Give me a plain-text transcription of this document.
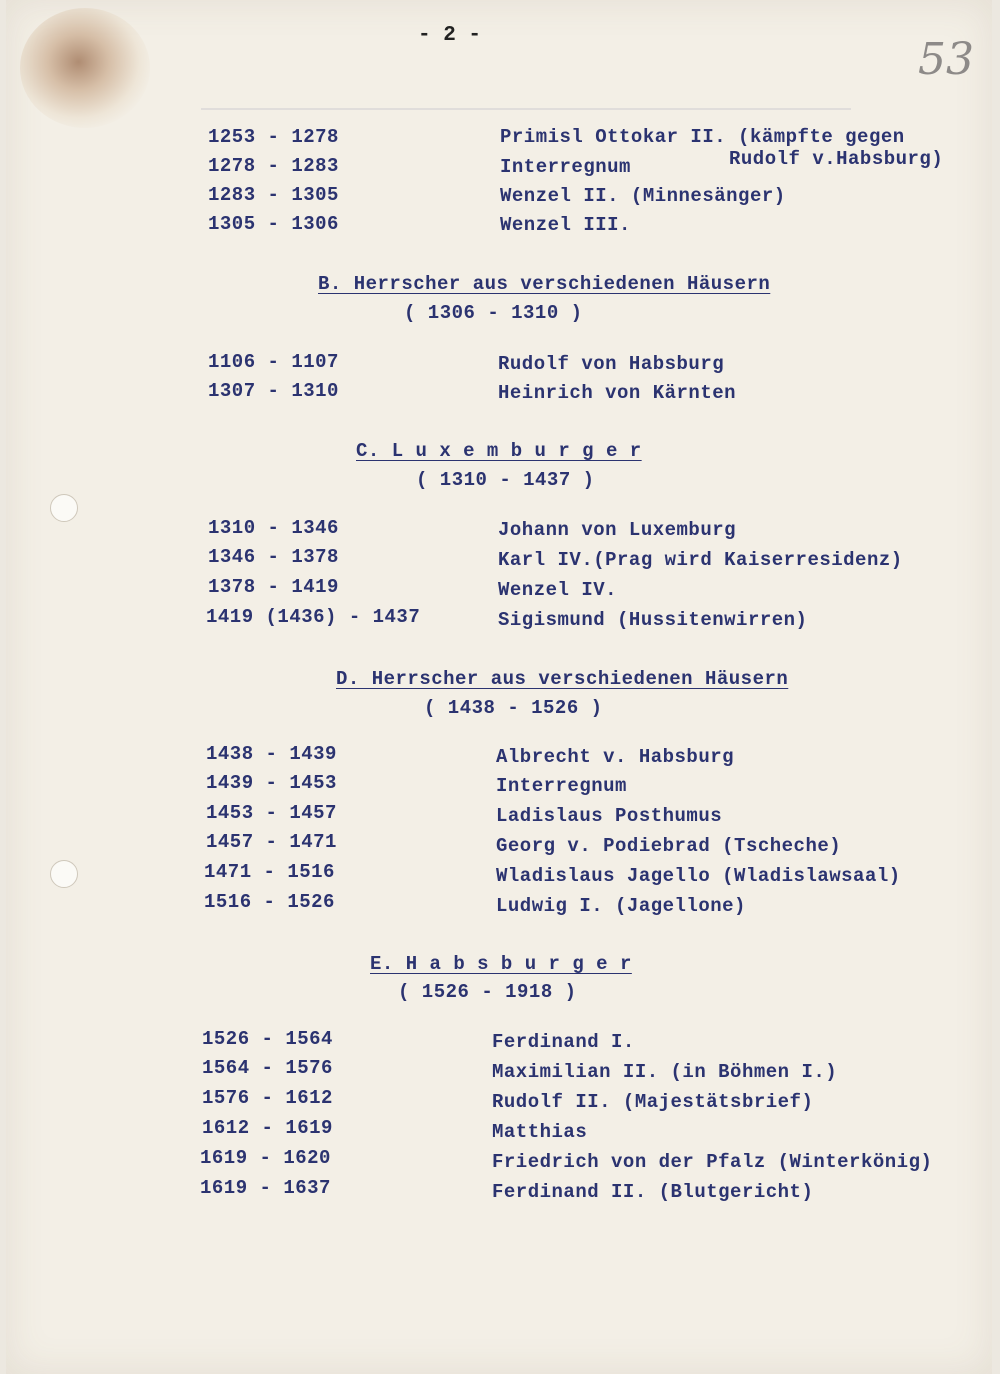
- 2 -	53
1253 - 1278	Primisl Ottokar II. (kämpfte gegen
Rudolf v.Habsburg)
1278 - 1283	Interregnum
1283 - 1305	Wenzel II. (Minnesänger)
1305 - 1306	Wenzel III.
B. Herrscher aus verschiedenen Häusern
( 1306 - 1310 )
1106 - 1107	Rudolf von Habsburg
1307 - 1310	Heinrich von Kärnten
C. L u x e m b u r g e r
( 1310 - 1437 )
1310 - 1346	Johann von Luxemburg
1346 - 1378	Karl IV.(Prag wird Kaiserresidenz)
1378 - 1419	Wenzel IV.
1419 (1436) - 1437	Sigismund (Hussitenwirren)
D. Herrscher aus verschiedenen Häusern
( 1438 - 1526 )
1438 - 1439	Albrecht v. Habsburg
1439 - 1453	Interregnum
1453 - 1457	Ladislaus Posthumus
1457 - 1471	Georg v. Podiebrad (Tscheche)
1471 - 1516	Wladislaus Jagello (Wladislawsaal)
1516 - 1526	Ludwig I. (Jagellone)
E. H a b s b u r g e r
( 1526 - 1918 )
1526 - 1564	Ferdinand I.
1564 - 1576	Maximilian II. (in Böhmen I.)
1576 - 1612	Rudolf II. (Majestätsbrief)
1612 - 1619	Matthias
1619 - 1620	Friedrich von der Pfalz (Winterkönig)
1619 - 1637	Ferdinand II. (Blutgericht)
